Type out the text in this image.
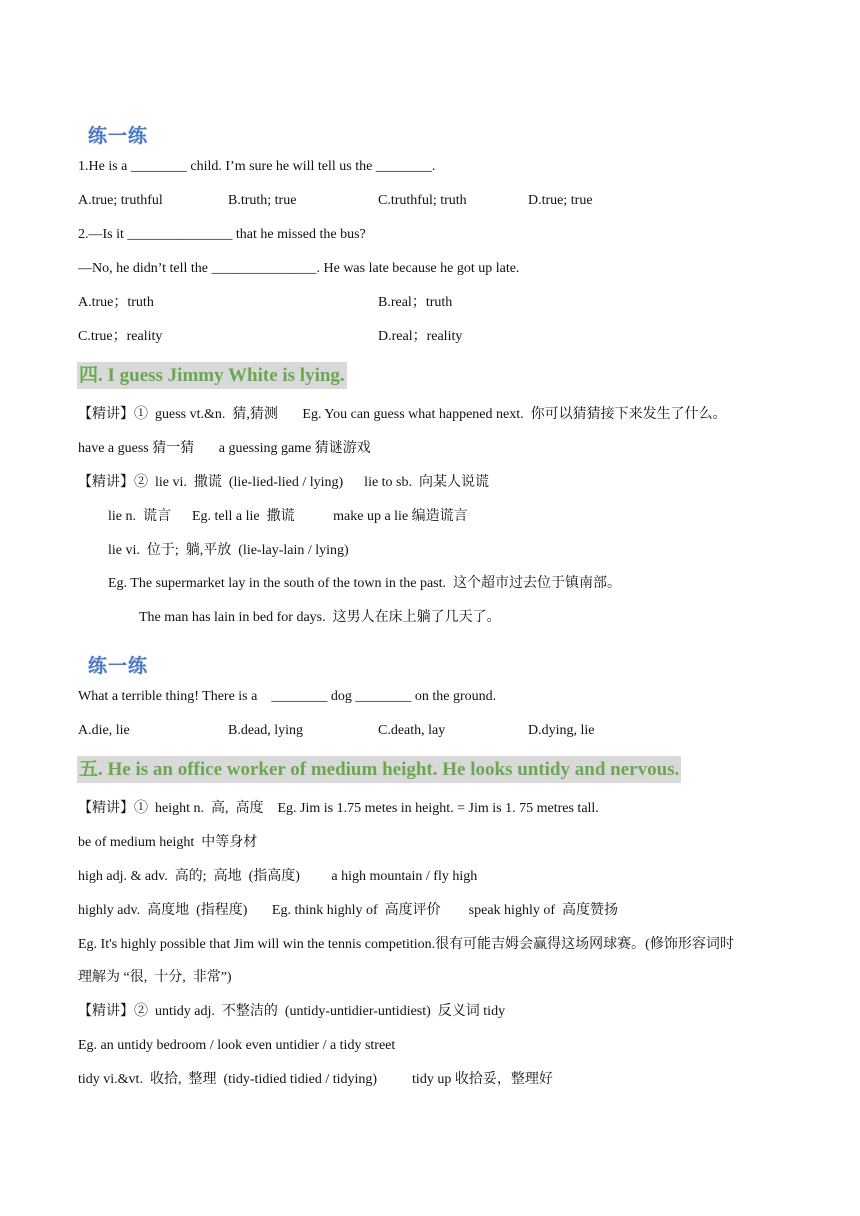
练一练
1.He is a ________ child. I’m sure he will tell us the ________.
A.true; truthful	B.truth; true	C.truthful; truth	D.true; true
2.—Is it _______________ that he missed the bus?
—No, he didn’t tell the _______________. He was late because he got up late.
A.true；truth	B.real；truth
C.true；reality	D.real；reality
四. I guess Jimmy White is lying.
【精讲】①  guess vt.&n.  猜,猜测       Eg. You can guess what happened next.  你可以猜猜接下来发生了什么。
have a guess 猜一猜       a guessing game 猜谜游戏
【精讲】②  lie vi.  撒谎  (lie-lied-lied / lying)      lie to sb.  向某人说谎
lie n.  谎言      Eg. tell a lie  撒谎           make up a lie 编造谎言
lie vi.  位于;  躺,平放  (lie-lay-lain / lying)
Eg. The supermarket lay in the south of the town in the past.  这个超市过去位于镇南部。
The man has lain in bed for days.  这男人在床上躺了几天了。
练一练
What a terrible thing! There is a    ________ dog ________ on the ground.
A.die, lie	B.dead, lying	C.death, lay	D.dying, lie
五. He is an office worker of medium height. He looks untidy and nervous.
【精讲】①  height n.  高,  高度    Eg. Jim is 1.75 metes in height. = Jim is 1. 75 metres tall.
be of medium height  中等身材
high adj. & adv.  高的;  高地  (指高度)         a high mountain / fly high
highly adv.  高度地  (指程度)       Eg. think highly of  高度评价        speak highly of  高度赞扬
Eg. It's highly possible that Jim will win the tennis competition.很有可能吉姆会赢得这场网球赛。(修饰形容词时
理解为 “很,  十分,  非常”)
【精讲】②  untidy adj.  不整洁的  (untidy-untidier-untidiest)  反义词 tidy
Eg. an untidy bedroom / look even untidier / a tidy street
tidy vi.&vt.  收拾,  整理  (tidy-tidied tidied / tidying)          tidy up 收拾妥，整理好
